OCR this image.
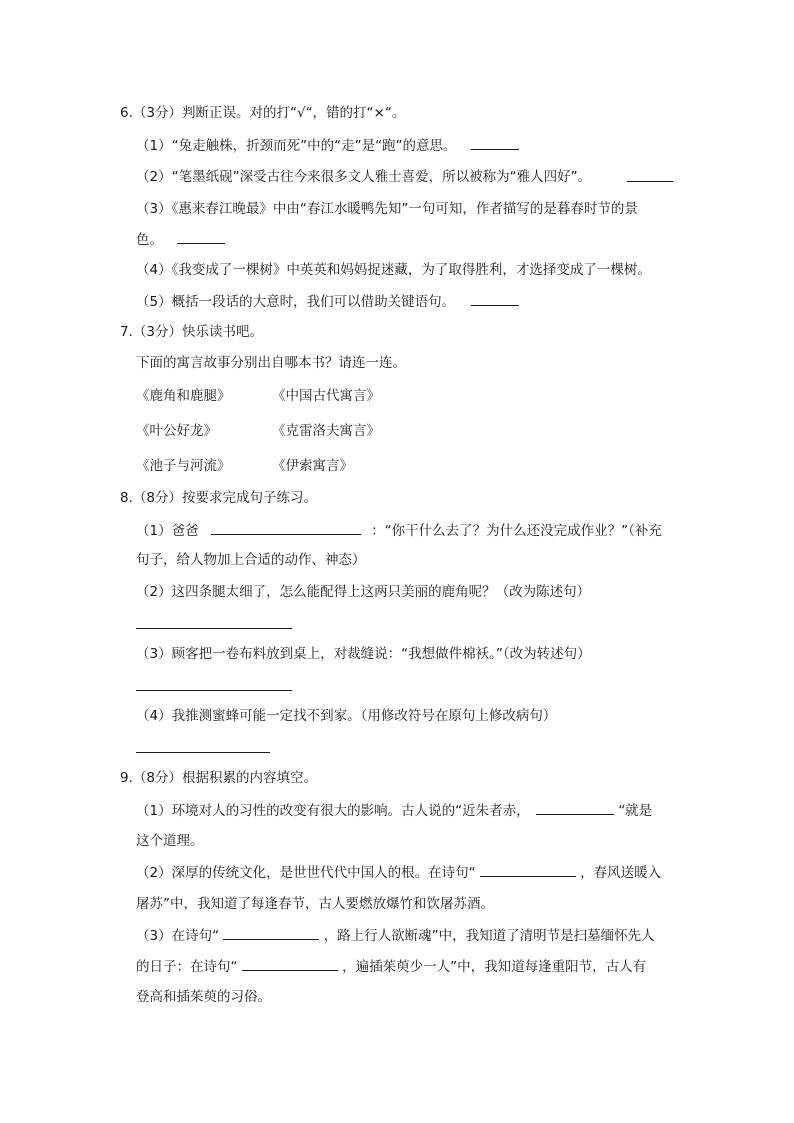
6.（3分）判断正误。对的打“√“，错的打“×“。
（1）“兔走触株，折颈而死”中的“走”是“跑”的意思。
（2）“笔墨纸砚”深受古往今来很多文人雅士喜爱，所以被称为“雅人四好”。
（3）《惠来春江晚最》中由“春江水暖鸭先知”一句可知，作者描写的是暮春时节的景
色。
（4）《我变成了一棵树》中英英和妈妈捉迷藏，为了取得胜利，才选择变成了一棵树。
（5）概括一段话的大意时，我们可以借助关键语句。
7.（3分）快乐读书吧。
下面的寓言故事分别出自哪本书？请连一连。
《鹿角和鹿腿》	《中国古代寓言》
《叶公好龙》	《克雷洛夫寓言》
《池子与河流》	《伊索寓言》
8.（8分）按要求完成句子练习。
（1）爸爸	：“你干什么去了？为什么还没完成作业？”（补充
句子，给人物加上合适的动作、神态）
（2）这四条腿太细了，怎么能配得上这两只美丽的鹿角呢？（改为陈述句）
（3）顾客把一卷布料放到桌上，对裁缝说：“我想做件棉袄。”（改为转述句）
（4）我推测蜜蜂可能一定找不到家。（用修改符号在原句上修改病句）
9.（8分）根据积累的内容填空。
（1）环境对人的习性的改变有很大的影响。古人说的“近朱者赤，	“就是
这个道理。
（2）深厚的传统文化，是世世代代中国人的根。在诗句“	，春风送暖入
屠苏”中，我知道了每逢春节，古人要燃放爆竹和饮屠苏酒。
（3）在诗句“	，路上行人欲断魂”中，我知道了清明节是扫墓缅怀先人
的日子：在诗句“	，遍插茱萸少一人”中，我知道每逢重阳节，古人有
登高和插茱萸的习俗。
